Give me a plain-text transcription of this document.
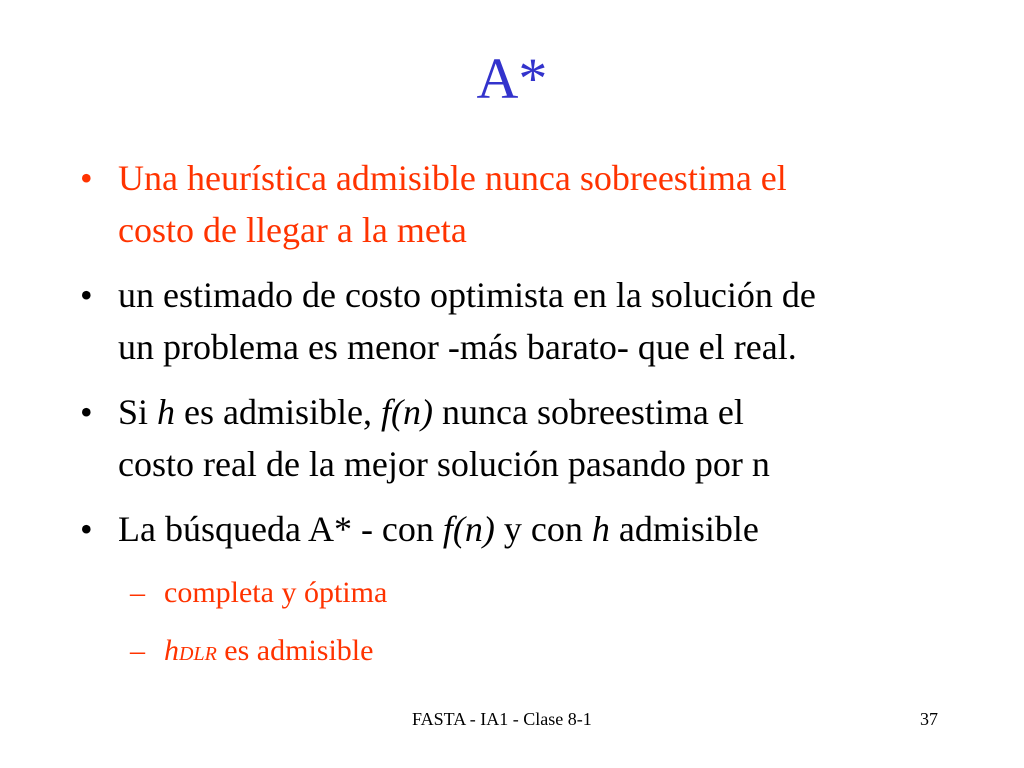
A*
• Una heurística admisible nunca sobreestima el
costo de llegar a la meta
• un estimado de costo optimista en la solución de
un problema es menor -más barato- que el real.
• Si h es admisible, f(n) nunca sobreestima el
costo real de la mejor solución pasando por n
• La búsqueda A* - con f(n) y con h admisible
– completa y óptima
– hDLR es admisible
FASTA - IA1 - Clase 8-1	37
